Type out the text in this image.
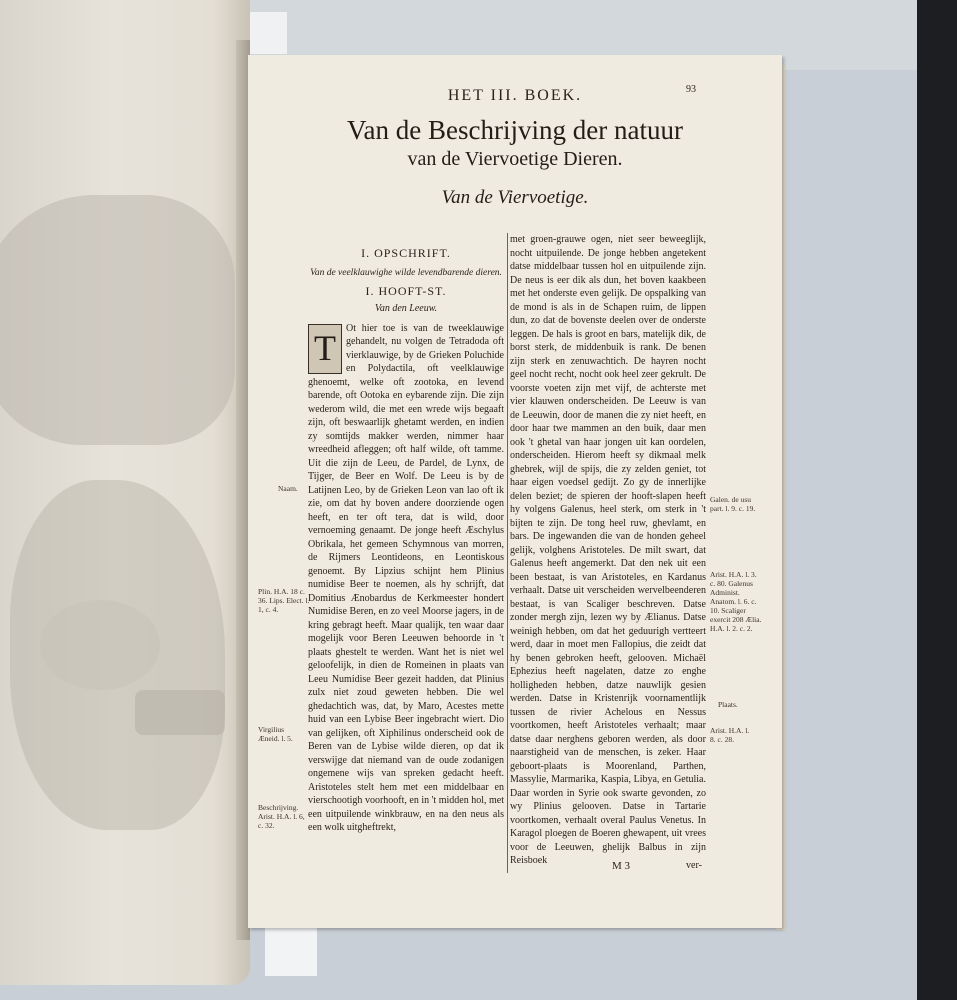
HET III. BOEK.	93
Van de Beschrijving der natuur
van de Viervoetige Dieren.
Van de Viervoetige.
I. OPSCHRIFT.
Van de veelklauwighe wilde levendbarende dieren.
I. HOOFT-ST.
Van den Leeuw.
T	Ot hier toe is van de tweeklauwige gehandelt, nu volgen de Tetradoda oft vierklauwige, by de Grieken Poluchide en Polydactila, oft veelklauwige ghenoemt, welke oft zootoka, en levend barende, oft Ootoka en eybarende zijn. Die zijn wederom wild, die met een wrede wijs begaaft zijn, oft beswaarlijk ghetamt werden, en indien zy somtijds makker werden, nimmer haar wreedheid afleggen; oft half wilde, oft tamme. Uit die zijn de Leeu, de Pardel, de Lynx, de Tijger, de Beer en Wolf. De Leeu is by de Latijnen Leo, by de Grieken Leon van lao oft ik zie, om dat hy boven andere doorziende ogen heeft, en ter oft tera, dat is wild, door vernoeming genaamt. De jonge heeft Æschylus Obrikala, het gemeen Schymnous van morren, de Rijmers Leontideons, en Leontiskous genoemt. By Lipzius schijnt hem Plinius numidise Beer te noemen, als hy schrijft, dat Domitius Ænobardus de Kerkmeester hondert Numidise Beren, en zo veel Moorse jagers, in de kring gebragt heeft. Maar qualijk, ten waar daar mogelijk voor Beren Leeuwen behoorde in 't plaats ghestelt te werden. Want het is niet wel geloofelijk, in dien de Romeinen in plaats van Leeu Numidise Beer gezeit hadden, dat Plinius zulx niet zoud geweten hebben. Die wel ghedachtich was, dat, by Maro, Acestes mette huid van een Lybise Beer ingebracht wiert. Dio van gelijken, oft Xiphilinus onderscheid ook de Beren van de Lybise wilde dieren, op dat ik verswijge dat niemand van de oude zodanigen ongemene wijs van spreken gedacht heeft. Aristoteles stelt hem met een middelbaar en vierschootigh voorhooft, en in 't midden hol, met een uitpuilende winkbrauw, en na den neus als een wolk uitgheftrekt,
met groen-grauwe ogen, niet seer beweeglijk, nocht uitpuilende. De jonge hebben angetekent datse middelbaar tussen hol en uitpuilende zijn. De neus is eer dik als dun, het boven kaakbeen met het onderste even gelijk. De opspalking van de mond is als in de Schapen ruim, de lippen dun, zo dat de bovenste deelen over de onderste leggen. De hals is groot en bars, matelijk dik, de borst sterk, de middenbuik is rank. De benen zijn sterk en zenuwachtich. De hayren nocht geel nocht recht, nocht ook heel zeer gekrult. De voorste voeten zijn met vijf, de achterste met vier klauwen onderscheiden. De Leeuw is van de Leeuwin, door de manen die zy niet heeft, en door haar twe mammen an den buik, daar men ook 't ghetal van haar jongen uit kan oordelen, onderscheiden. Hierom heeft sy dikmaal melk ghebrek, wijl de spijs, die zy zelden geniet, tot haar eigen voedsel gedijt. Zo gy de innerlijke delen beziet; de spieren der hooft-slapen heeft hy volgens Galenus, heel sterk, om sterk in 't bijten te zijn. De tong heel ruw, ghevlamt, en bars. De ingewanden die van de honden geheel gelijk, volghens Aristoteles. De milt swart, dat Galenus heeft angemerkt. Dat den nek uit een been bestaat, is van Aristoteles, en Kardanus verhaalt. Datse uit verscheiden wervelbeenderen bestaat, is van Scaliger beschreven. Datse zonder mergh zijn, lezen wy by Ælianus. Datse weinigh hebben, om dat het geduurigh vertteert werd, daar in moet men Fallopius, die zeidt dat hy benen gebroken heeft, gelooven. Michaël Ephezius heeft nagelaten, datze zo enghe holligheden hebben, datze nauwlijk gesien werden. Datse in Kristenrijk voornamentlijk tussen de rivier Achelous en Nessus voortkomen, heeft Aristoteles verhaalt; maar datse daar nerghens geboren werden, als door naarstigheid van de menschen, is zeker. Haar geboort-plaats is Moorenland, Parthen, Massylie, Marmarika, Kaspia, Libya, en Getulia. Daar worden in Syrie ook swarte gevonden, zo wy Plinius gelooven. Datse in Tartarie voortkomen, verhaalt overal Paulus Venetus. In Karagol ploegen de Boeren ghewapent, uit vrees voor de Leeuwen, ghelijk Balbus in zijn Reisboek
Naam.
Plin. H.A. 18 c. 36. Lips. Elect. l. 1, c. 4.
Virgilius Æneid. l. 5.
Beschrijving. Arist. H.A. l. 6, c. 32.
Galen. de usu part. l. 9. c. 19.
Arist. H.A. l. 3. c. 80. Galenus Administ. Anatom. l. 6. c. 10. Scaliger exercit 208 Ælia. H.A. l. 2. c. 2.
Plaats.
Arist. H.A. l. 8. c. 28.
M 3	ver-
